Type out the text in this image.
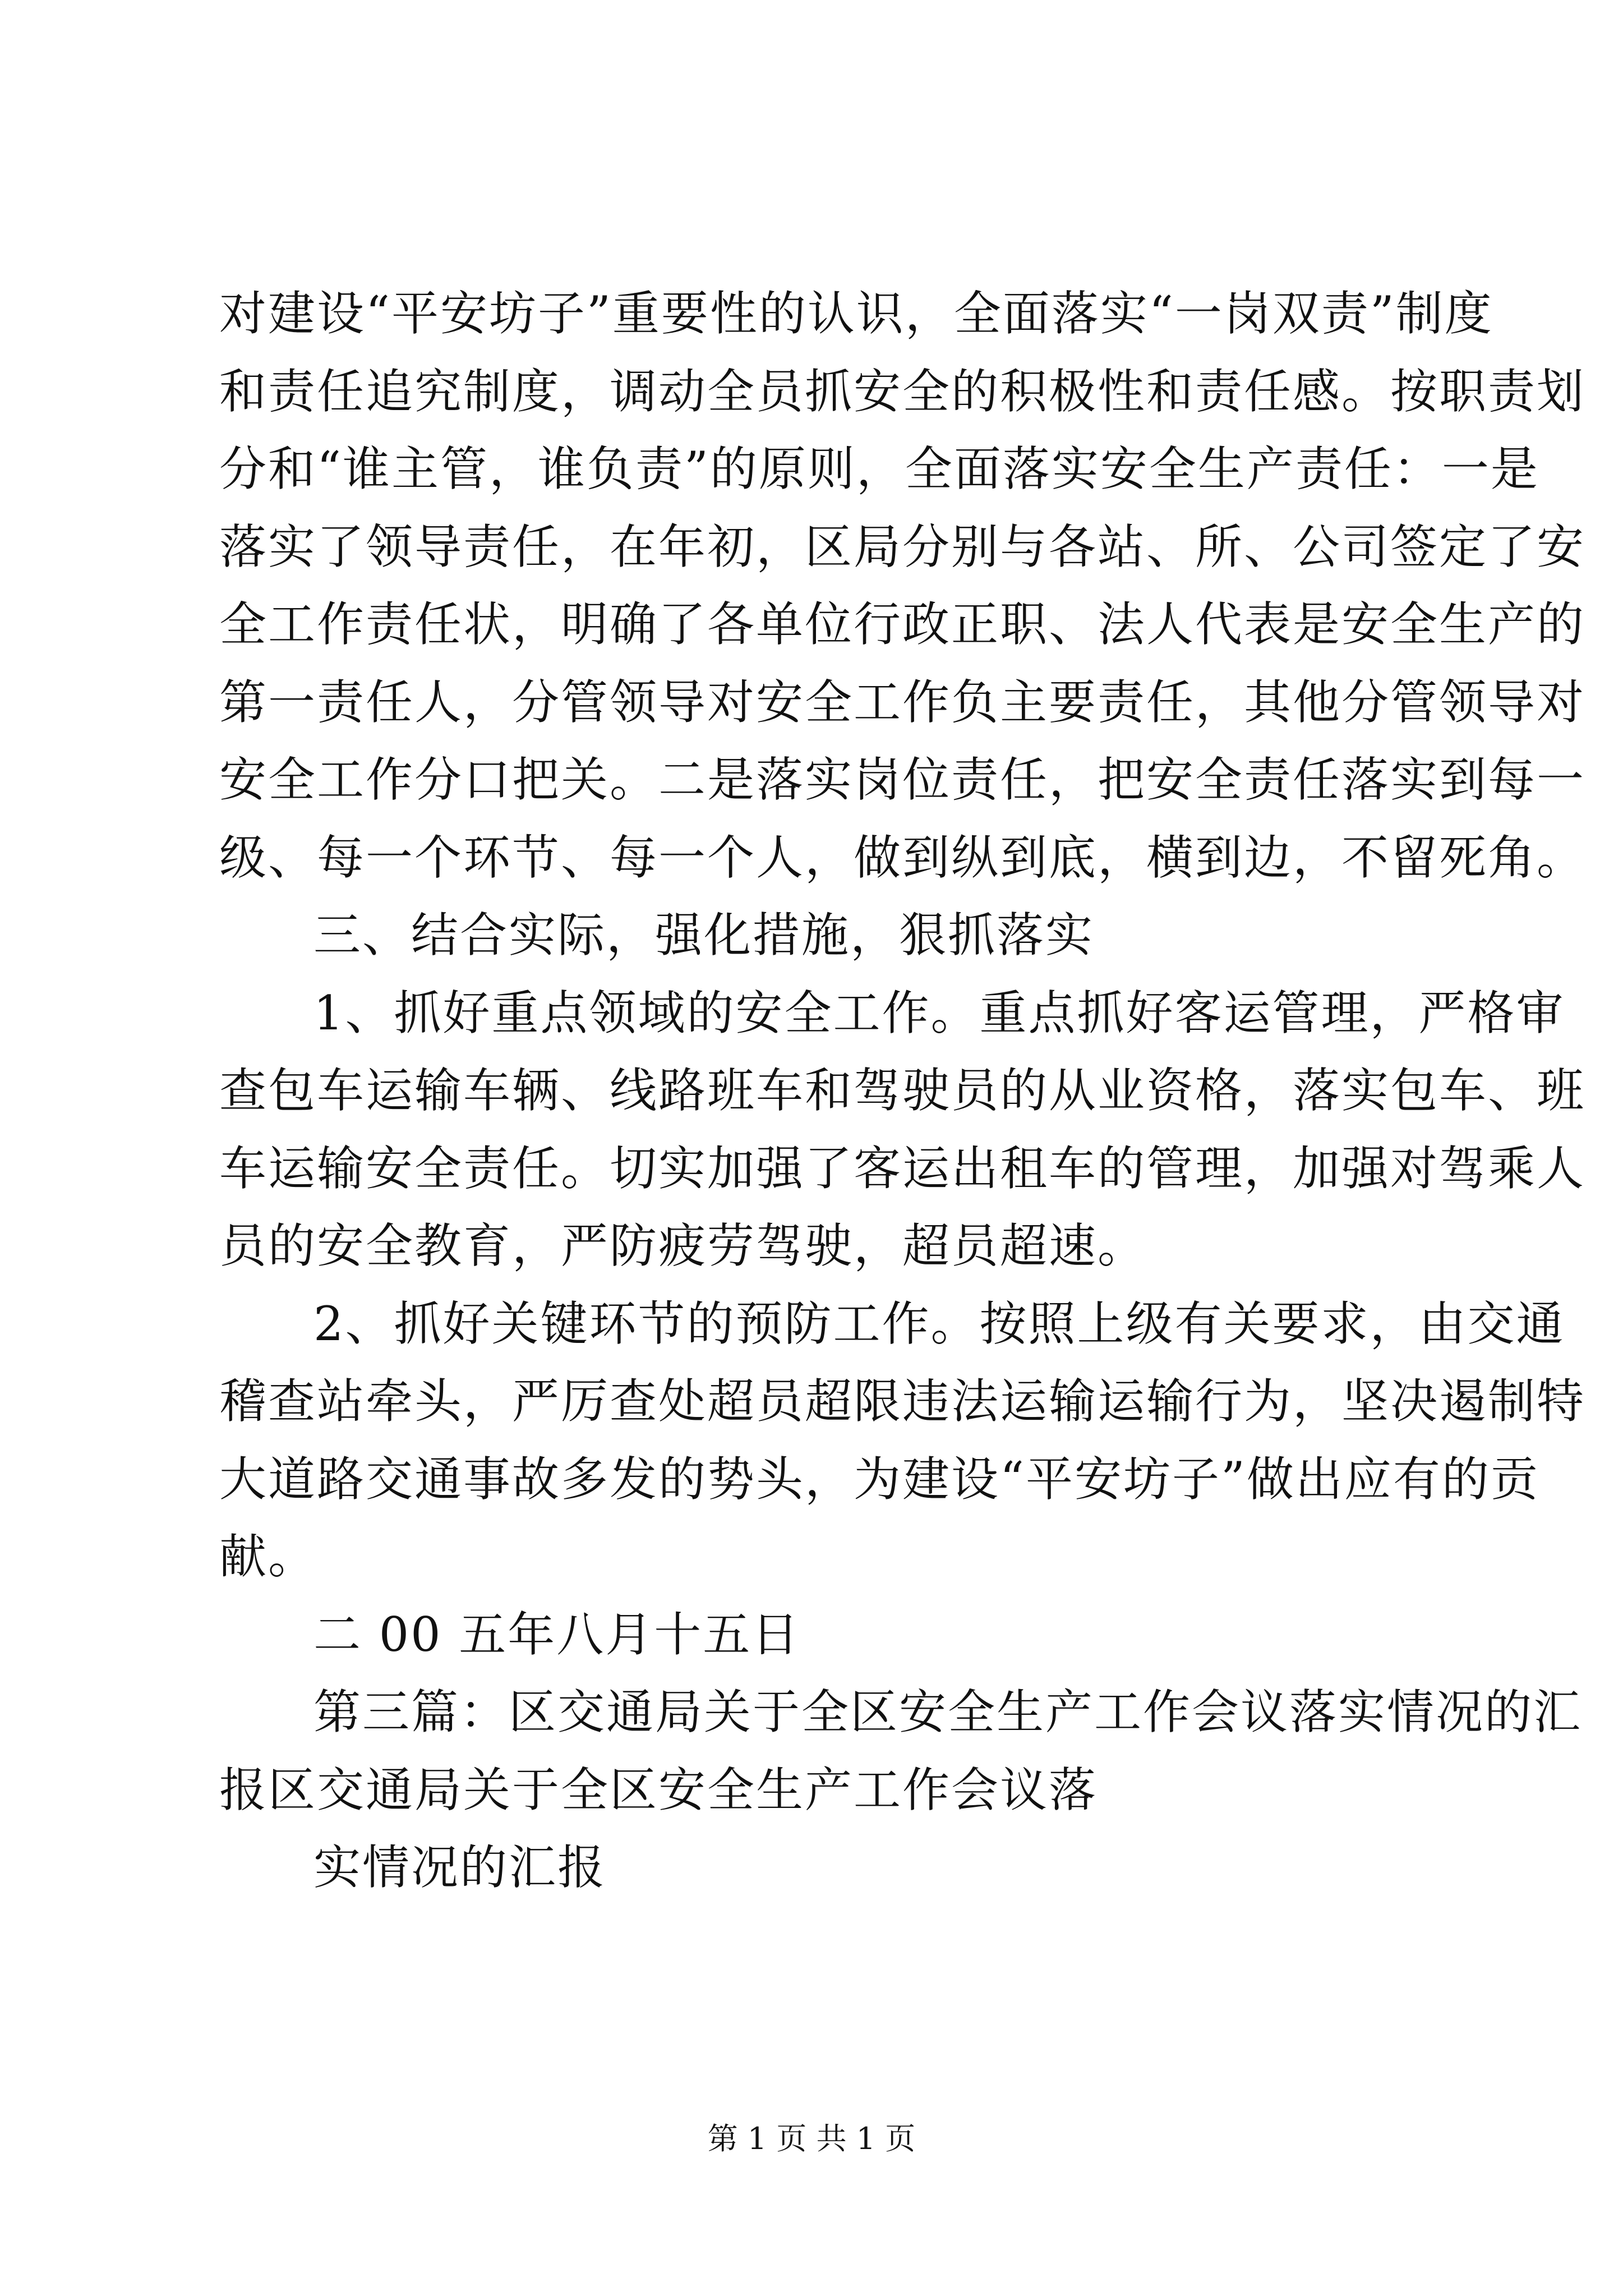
对建设“平安坊子”重要性的认识，全面落实“一岗双责”制度
和责任追究制度，调动全员抓安全的积极性和责任感。按职责划
分和“谁主管，谁负责”的原则，全面落实安全生产责任：一是
落实了领导责任，在年初，区局分别与各站、所、公司签定了安
全工作责任状，明确了各单位行政正职、法人代表是安全生产的
第一责任人，分管领导对安全工作负主要责任，其他分管领导对
安全工作分口把关。二是落实岗位责任，把安全责任落实到每一
级、每一个环节、每一个人，做到纵到底，横到边，不留死角。
三、结合实际，强化措施，狠抓落实
1、抓好重点领域的安全工作。重点抓好客运管理，严格审
查包车运输车辆、线路班车和驾驶员的从业资格，落实包车、班
车运输安全责任。切实加强了客运出租车的管理，加强对驾乘人
员的安全教育，严防疲劳驾驶，超员超速。
2、抓好关键环节的预防工作。按照上级有关要求，由交通
稽查站牵头，严厉查处超员超限违法运输运输行为，坚决遏制特
大道路交通事故多发的势头，为建设“平安坊子”做出应有的贡
献。
二 00 五年八月十五日
第三篇：区交通局关于全区安全生产工作会议落实情况的汇
报区交通局关于全区安全生产工作会议落
实情况的汇报
第 1 页 共 1 页
